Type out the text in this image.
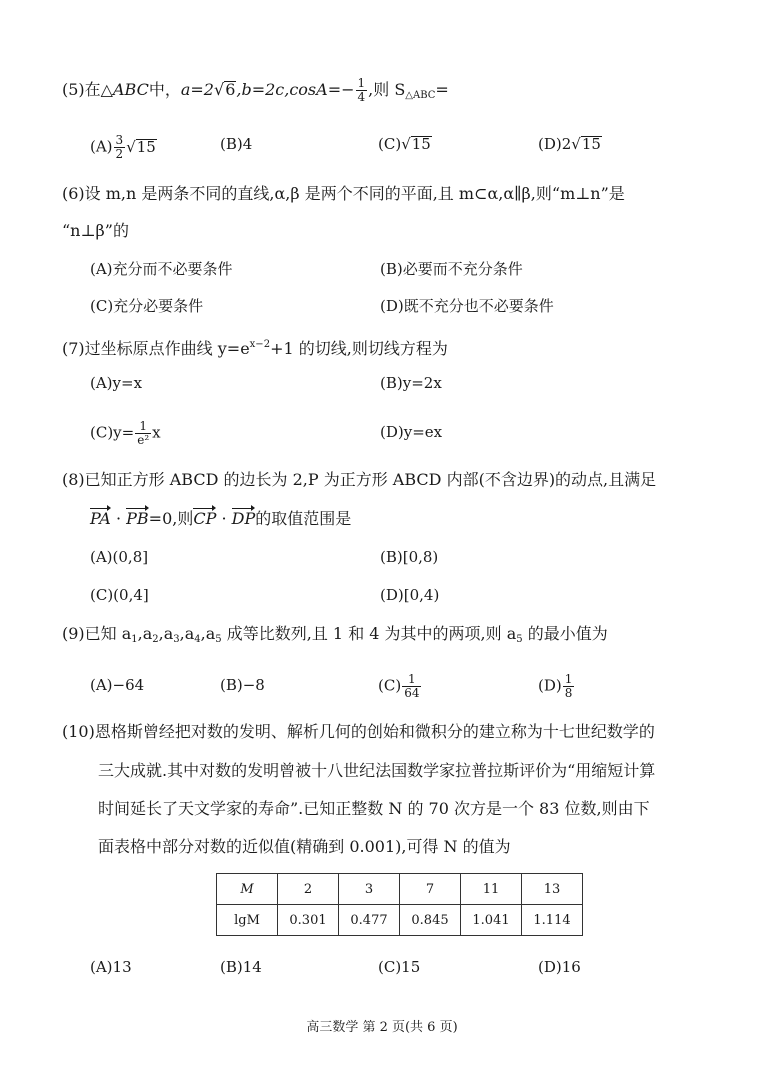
(5)在△ABC中，$a=2√6,b=2c,\cos A=- \frac{1}{4}$ ,则 $S_{\triangle ABC}=$
$(A) \frac{3}{2} √15$	(B)4	(C)√15	(D)2√15
(6)设 m,n 是两条不同的直线,α,β 是两个不同的平面,且 m⊂α,α∥β,则“m⊥n”是
“n⊥β”的
(A)充分而不必要条件	(B)必要而不充分条件
(C)充分必要条件	(D)既不充分也不必要条件
(7)过坐标原点作曲线 $y=e^{x-2}+1$ 的切线,则切线方程为
(A)y=x	(B)y=2x
$(C)y= \frac{1}{\text{e²}}$ x	(D)y=ex
(8)已知正方形 ABCD 的边长为 2,P 为正方形 ABCD 内部(不含边界)的动点,且满足
PA · PB=0,则CP · DP的取值范围是
(A)(0,8]	(B)[0,8)
(C)(0,4]	(D)[0,4)
(9)已知 $a_1,a_2,a_3,a_4,a_5$ 成等比数列,且 1 和 4 为其中的两项,则 $a_5$ 的最小值为
(A)−64	(B)−8	$(C) \frac{1}{64}$	$(D) \frac{1}{8}$
(10)恩格斯曾经把对数的发明、解析几何的创始和微积分的建立称为十七世纪数学的
三大成就.其中对数的发明曾被十八世纪法国数学家拉普拉斯评价为“用缩短计算
时间延长了天文学家的寿命”.已知正整数 N 的 70 次方是一个 83 位数,则由下
面表格中部分对数的近似值(精确到 0.001),可得 N 的值为
M	2	3	7	11	13
lgM	0.301	0.477	0.845	1.041	1.114
(A)13	(B)14	(C)15	(D)16
高三数学 第 2 页(共 6 页)
